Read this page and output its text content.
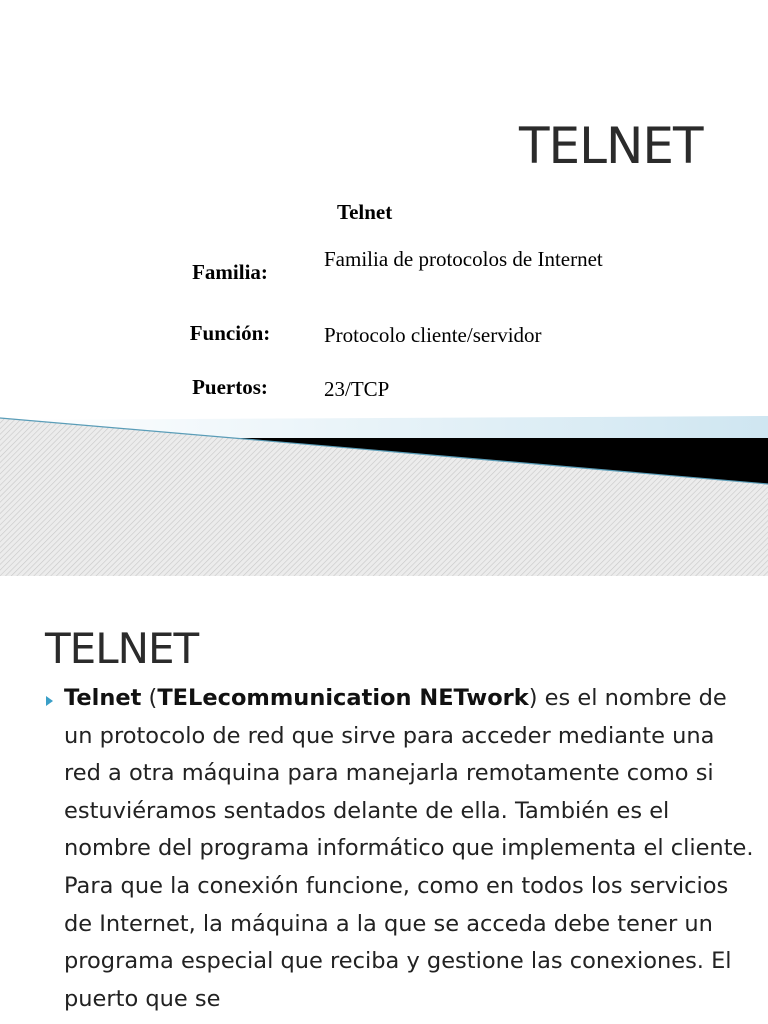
TELNET
Telnet
Familia:
Familia de protocolos de Internet
Función:	Protocolo cliente/servidor
Puertos:	23/TCP
TELNET
Telnet (TELecommunication NETwork) es el nombre de un protocolo de red que sirve para acceder mediante una red a otra máquina para manejarla remotamente como si estuviéramos sentados delante de ella. También es el nombre del programa informático que implementa el cliente. Para que la conexión funcione, como en todos los servicios de Internet, la máquina a la que se acceda debe tener un programa especial que reciba y gestione las conexiones. El puerto que se
